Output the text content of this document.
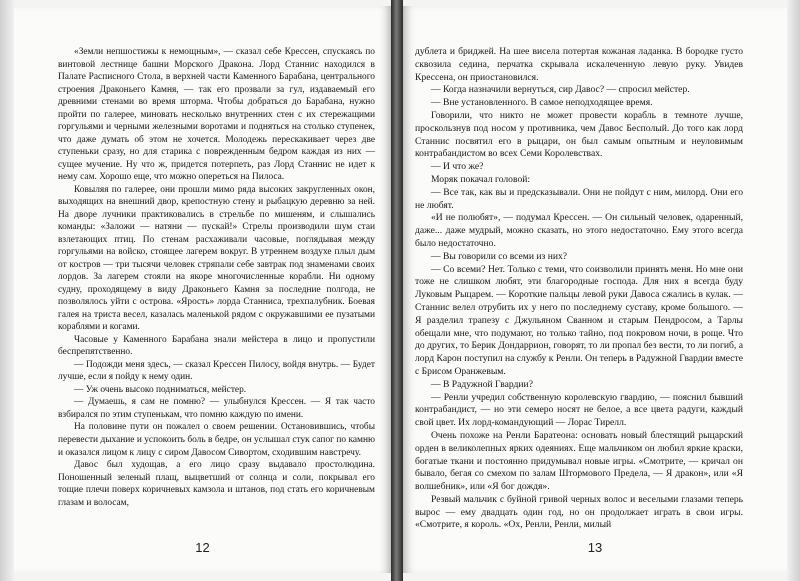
«Земли непшостижы к немощным», — сказал себе Крессен, спускаясь по винтовой лестнице башни Морского Дракона. Лорд Станнис находился в Палате Расписного Стола, в верхней части Каменного Барабана, центрального строения Драконьего Камня, — так его прозвали за гул, издаваемый его древними стенами во время шторма. Чтобы добраться до Барабана, нужно пройти по галерее, миновать несколько внутренних стен с их стережащими горгульями и черными железными воротами и подняться на столько ступенек, что даже думать об этом не хочется. Молодежь перескакивает через две ступеньки сразу, но для старика с поврежденным бедром каждая из них — сущее мучение. Ну что ж, придется потерпеть, раз Лорд Станнис не идет к нему сам. Хорошо еще, что можно опереться на Пилоса.

Ковыляя по галерее, они прошли мимо ряда высоких закругленных окон, выходящих на внешний двор, крепостную стену и рыбацкую деревню за ней. На дворе лучники практиковались в стрельбе по мишеням, и слышались команды: «Заложи — натяни — пускай!» Стрелы производили шум стаи взлетающих птиц. По стенам расхаживали часовые, поглядывая между горгульями на войско, стоящее лагерем вокруг. В утреннем воздухе плыл дым от костров — три тысячи человек стряпали себе завтрак под знаменами своих лордов. За лагерем стояли на якоре многочисленные корабли. Ни одному судну, проходящему в виду Драконьего Камня за последние полгода, не позволялось уйти с острова. «Ярость» лорда Станниса, трехпалубник. Боевая галея на триста весел, казалась маленькой рядом с окружавшими ее пузатыми кораблями и когами.

Часовые у Каменного Барабана знали мейстера в лицо и пропустили беспрепятственно.

— Подожди меня здесь, — сказал Крессен Пилосу, войдя внутрь. — Будет лучше, если я пойду к нему один.

— Уж очень высоко подниматься, мейстер.

— Думаешь, я сам не помню? — улыбнулся Крессен. — Я так часто взбирался по этим ступенькам, что помню каждую по имени.

На половине пути он пожалел о своем решении. Остановившись, чтобы перевести дыхание и успокоить боль в бедре, он услышал стук сапог по камню и оказался лицом к лицу с сиром Давосом Сивортом, сходившим навстречу.

Давос был худощав, а его лицо сразу выдавало простолюдина. Поношенный зеленый плащ, выцветший от солнца и соли, покрывал его тощие плечи поверх коричневых камзола и штанов, под стать его коричневым глазам и волосам,

12

дублета и бриджей. На шее висела потертая кожаная ладанка. В бородке густо сквозила седина, перчатка скрывала искалеченную левую руку. Увидев Крессена, он приостановился.

— Когда назначили вернуться, сир Давос? — спросил мейстер.

— Вне установленного. В самое неподходящее время.

Говорили, что никто не может провести корабль в темноте лучше, проскользнув под носом у противника, чем Давос Бесполый. До того как лорд Станнис посвятил его в рыцари, он был самым опытным и неуловимым контрабандистом во всех Семи Королевствах.

— И что же?

Моряк покачал головой:

— Все так, как вы и предсказывали. Они не пойдут с ним, милорд. Они его не любят.

«И не полюбят», — подумал Крессен. — Он сильный человек, одаренный, даже... даже мудрый, можно сказать, но этого недостаточно. Ему этого всегда было недостаточно.

— Вы говорили со всеми из них?

— Со всеми? Нет. Только с теми, что соизволили принять меня. Но мне они тоже не слишком любят, эти благородные господа. Для них я всегда буду Луковым Рыцарем. — Короткие пальцы левой руки Давоса сжались в кулак. — Станнис велел отрубить их у него по последнему суставу, кроме большого. — Я разделил трапезу с Джульяном Сванном и старым Пендросом, а Тарлы обещали мне, что подумают, но только тайно, под покровом ночи, в роще. Что до других, то Берик Дондаррион, говорят, то ли пропал без вести, то ли погиб, а лорд Карон поступил на службу к Ренли. Он теперь в Радужной Гвардии вместе с Брисом Оранжевым.

— В Радужной Гвардии?

— Ренли учредил собственную королевскую гвардию, — пояснил бывший контрабандист, — но эти семеро носят не белое, а все цвета радуги, каждый свой цвет. Их лорд-командующий — Лорас Тирелл.

Очень похоже на Ренли Баратеона: основать новый блестящий рыцарский орден в великолепных ярких одеяниях. Еще мальчиком он любил яркие краски, богатые ткани и постоянно придумывал новые игры. «Смотрите, — кричал он бывало, бегая со смехом по залам Штормового Предела, — Я дракон», или «Я волшебник», или «Я бог дождя».

Резвый мальчик с буйной гривой черных волос и веселыми глазами теперь вырос — ему двадцать один год, но он продолжает играть в свои игры. «Смотрите, я король. «Ох, Ренли, Ренли, милый

13
